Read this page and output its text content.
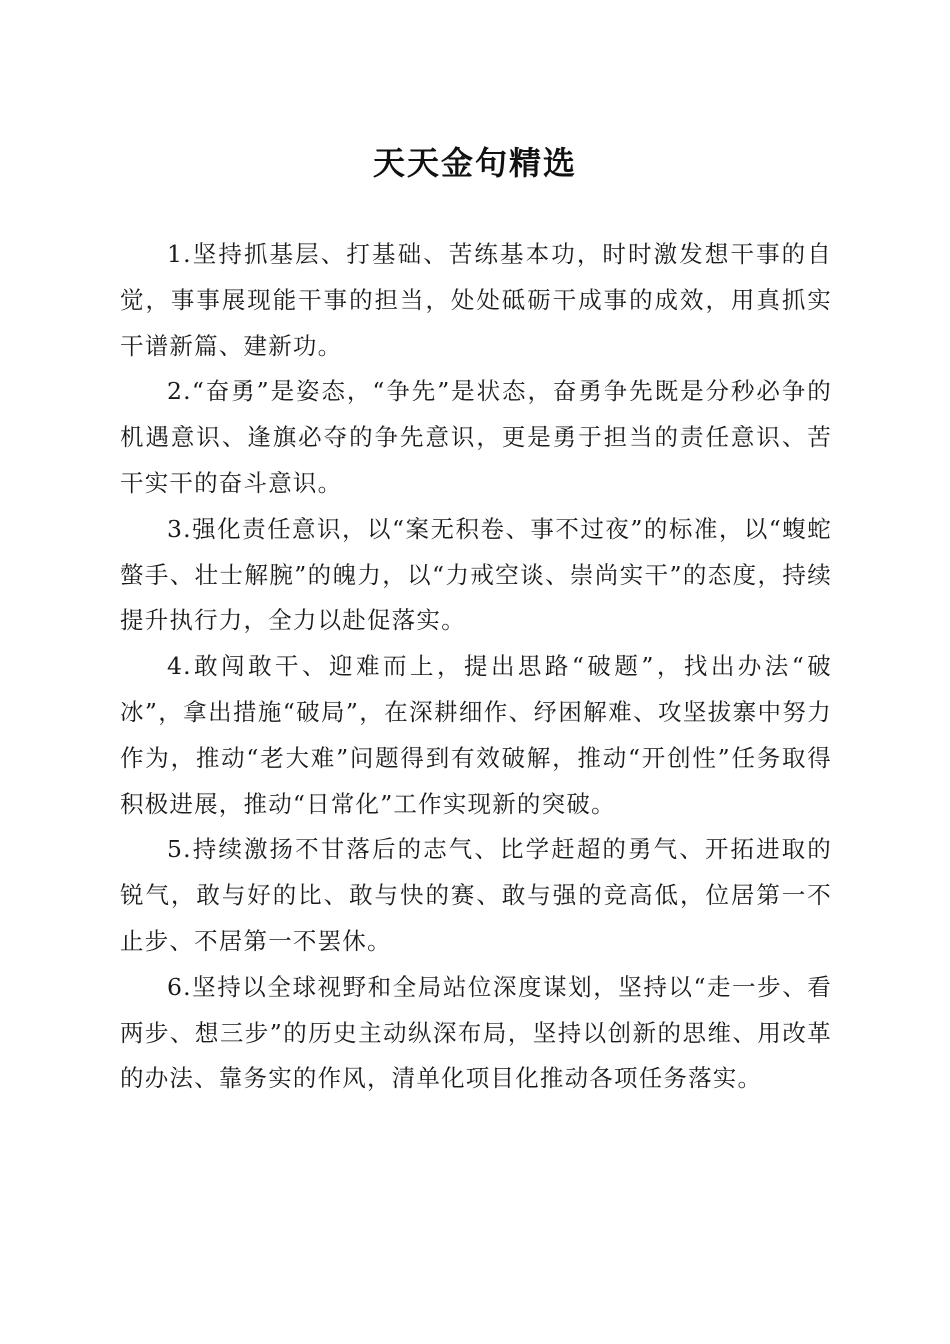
天天金句精选

1.坚持抓基层、打基础、苦练基本功，时时激发想干事的自觉，事事展现能干事的担当，处处砥砺干成事的成效，用真抓实干谱新篇、建新功。

2.“奋勇”是姿态，“争先”是状态，奋勇争先既是分秒必争的机遇意识、逢旗必夺的争先意识，更是勇于担当的责任意识、苦干实干的奋斗意识。

3.强化责任意识，以“案无积卷、事不过夜”的标准，以“蝮蛇螫手、壮士解腕”的魄力，以“力戒空谈、崇尚实干”的态度，持续提升执行力，全力以赴促落实。

4.敢闯敢干、迎难而上，提出思路“破题”，找出办法“破冰”，拿出措施“破局”，在深耕细作、纾困解难、攻坚拔寨中努力作为，推动“老大难”问题得到有效破解，推动“开创性”任务取得积极进展，推动“日常化”工作实现新的突破。

5.持续激扬不甘落后的志气、比学赶超的勇气、开拓进取的锐气，敢与好的比、敢与快的赛、敢与强的竞高低，位居第一不止步、不居第一不罢休。

6.坚持以全球视野和全局站位深度谋划，坚持以“走一步、看两步、想三步”的历史主动纵深布局，坚持以创新的思维、用改革的办法、靠务实的作风，清单化项目化推动各项任务落实。
